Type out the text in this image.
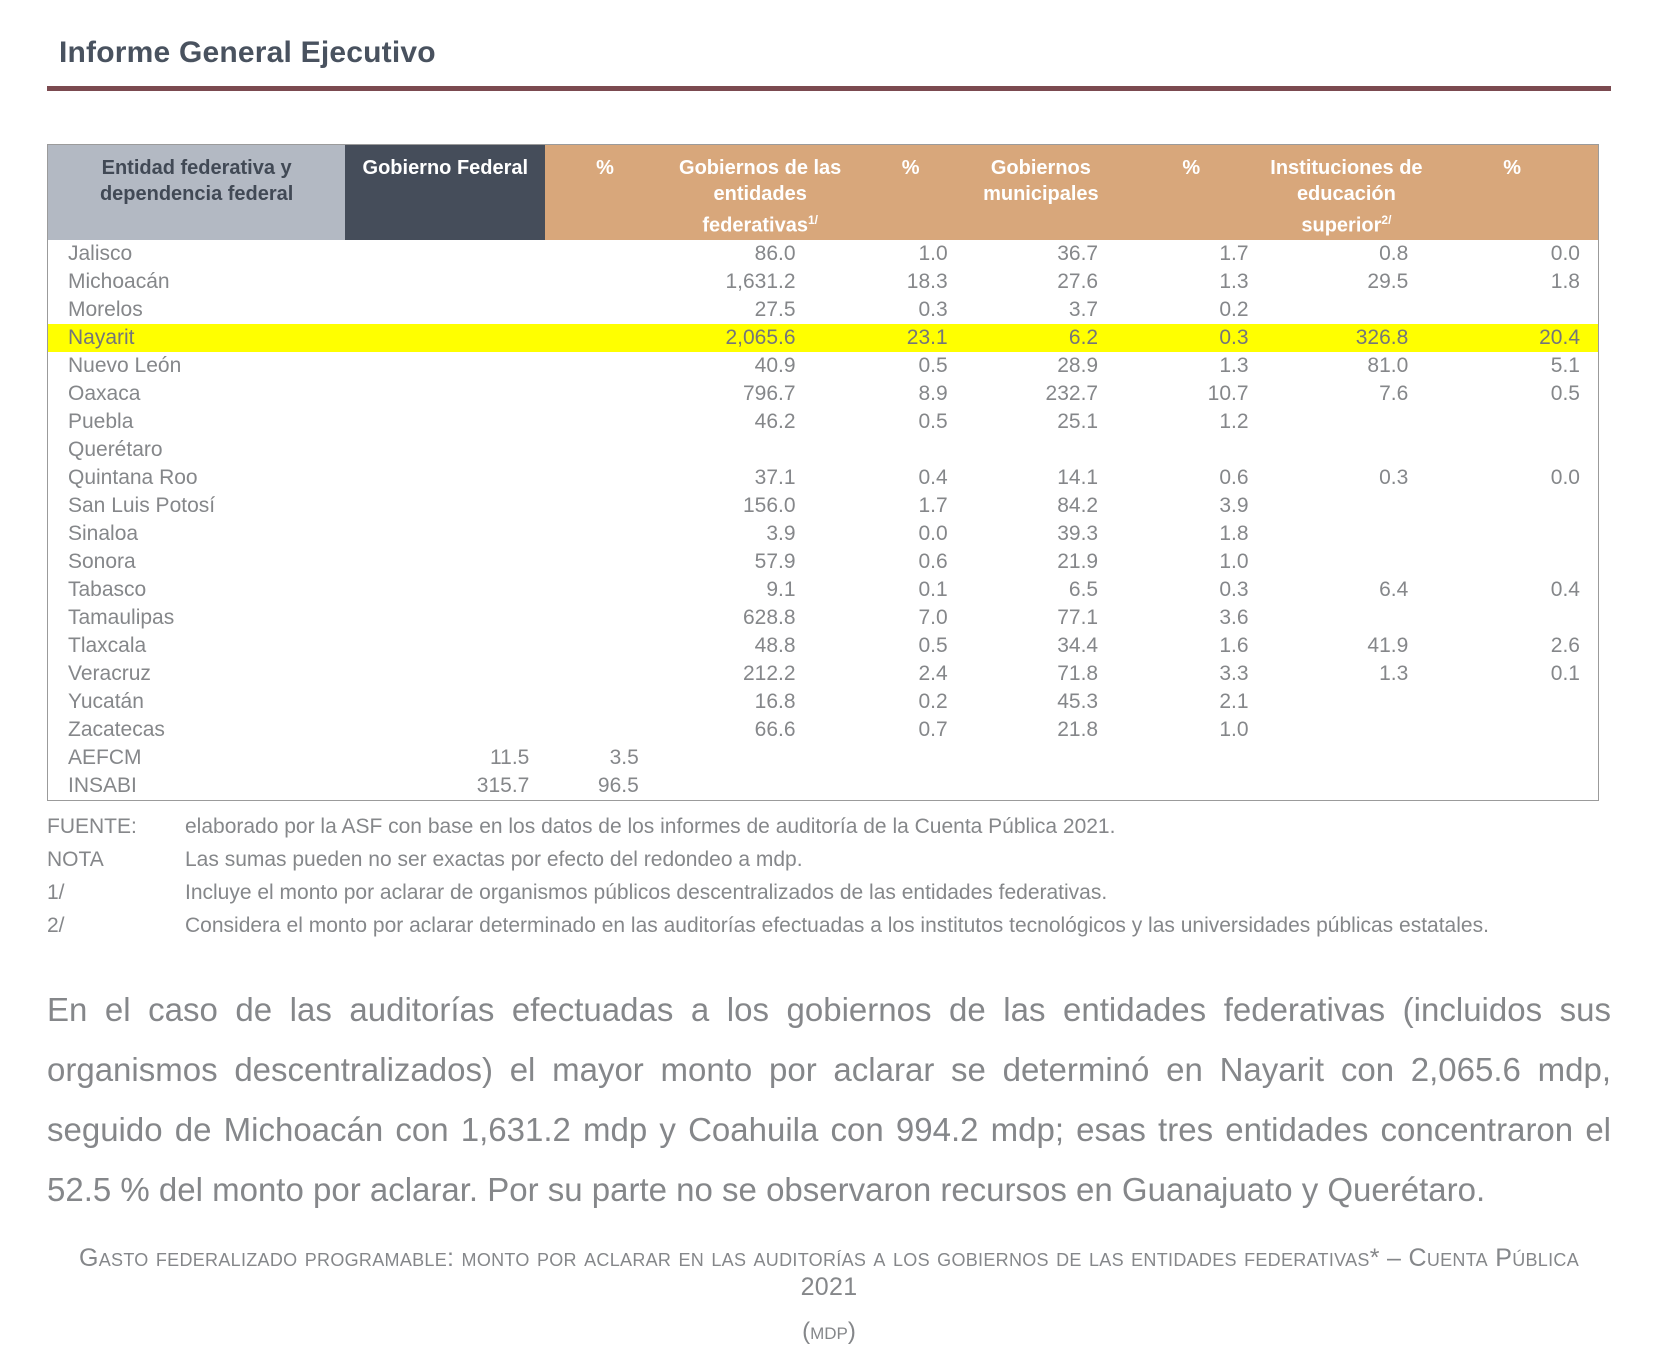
Informe General Ejecutivo
Entidad federativa y dependencia federal	Gobierno Federal	%	Gobiernos de las entidades federativas$^{1/}$	%	Gobiernos municipales	%	Instituciones de educación superior$^{2/}$	%
Jalisco			86.0	1.0	36.7	1.7	0.8	0.0
Michoacán			1,631.2	18.3	27.6	1.3	29.5	1.8
Morelos			27.5	0.3	3.7	0.2		
Nayarit			2,065.6	23.1	6.2	0.3	326.8	20.4
Nuevo León			40.9	0.5	28.9	1.3	81.0	5.1
Oaxaca			796.7	8.9	232.7	10.7	7.6	0.5
Puebla			46.2	0.5	25.1	1.2		
Querétaro								
Quintana Roo			37.1	0.4	14.1	0.6	0.3	0.0
San Luis Potosí			156.0	1.7	84.2	3.9		
Sinaloa			3.9	0.0	39.3	1.8		
Sonora			57.9	0.6	21.9	1.0		
Tabasco			9.1	0.1	6.5	0.3	6.4	0.4
Tamaulipas			628.8	7.0	77.1	3.6		
Tlaxcala			48.8	0.5	34.4	1.6	41.9	2.6
Veracruz			212.2	2.4	71.8	3.3	1.3	0.1
Yucatán			16.8	0.2	45.3	2.1		
Zacatecas			66.6	0.7	21.8	1.0		
AEFCM	11.5	3.5						
INSABI	315.7	96.5						
FUENTE:	elaborado por la ASF con base en los datos de los informes de auditoría de la Cuenta Pública 2021.
NOTA	Las sumas pueden no ser exactas por efecto del redondeo a mdp.
1/	Incluye el monto por aclarar de organismos públicos descentralizados de las entidades federativas.
2/	Considera el monto por aclarar determinado en las auditorías efectuadas a los institutos tecnológicos y las universidades públicas estatales.
En el caso de las auditorías efectuadas a los gobiernos de las entidades federativas (incluidos sus organismos descentralizados) el mayor monto por aclarar se determinó en Nayarit con 2,065.6 mdp, seguido de Michoacán con 1,631.2 mdp y Coahuila con 994.2 mdp; esas tres entidades concentraron el 52.5 % del monto por aclarar. Por su parte no se observaron recursos en Guanajuato y Querétaro.
Gasto federalizado programable: monto por aclarar en las auditorías a los gobiernos de las entidades federativas* – Cuenta Pública 2021
(mdp)
